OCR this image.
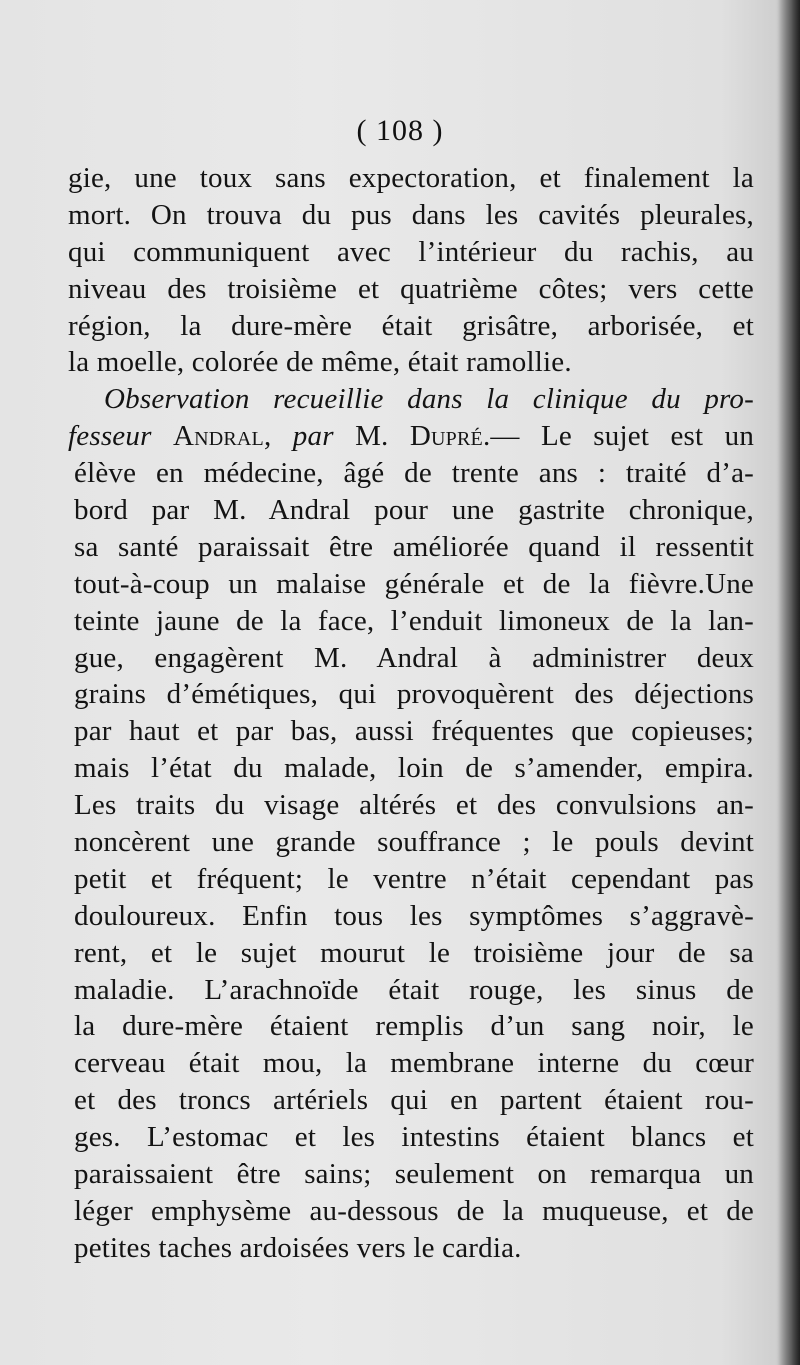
( 108 )
gie, une toux sans expectoration, et finalement la
mort. On trouva du pus dans les cavités pleurales,
qui communiquent avec l’intérieur du rachis, au
niveau des troisième et quatrième côtes; vers cette
région, la dure-mère était grisâtre, arborisée, et
la moelle, colorée de même, était ramollie.
Observation recueillie dans la clinique du pro-
fesseur Andral, par M. Dupré.— Le sujet est un
élève en médecine, âgé de trente ans : traité d’a-
bord par M. Andral pour une gastrite chronique,
sa santé paraissait être améliorée quand il ressentit
tout-à-coup un malaise générale et de la fièvre.Une
teinte jaune de la face, l’enduit limoneux de la lan-
gue, engagèrent M. Andral à administrer deux
grains d’émétiques, qui provoquèrent des déjections
par haut et par bas, aussi fréquentes que copieuses;
mais l’état du malade, loin de s’amender, empira.
Les traits du visage altérés et des convulsions an-
noncèrent une grande souffrance ; le pouls devint
petit et fréquent; le ventre n’était cependant pas
douloureux. Enfin tous les symptômes s’aggravè-
rent, et le sujet mourut le troisième jour de sa
maladie. L’arachnoïde était rouge, les sinus de
la dure-mère étaient remplis d’un sang noir, le
cerveau était mou, la membrane interne du cœur
et des troncs artériels qui en partent étaient rou-
ges. L’estomac et les intestins étaient blancs et
paraissaient être sains; seulement on remarqua un
léger emphysème au-dessous de la muqueuse, et de
petites taches ardoisées vers le cardia.
